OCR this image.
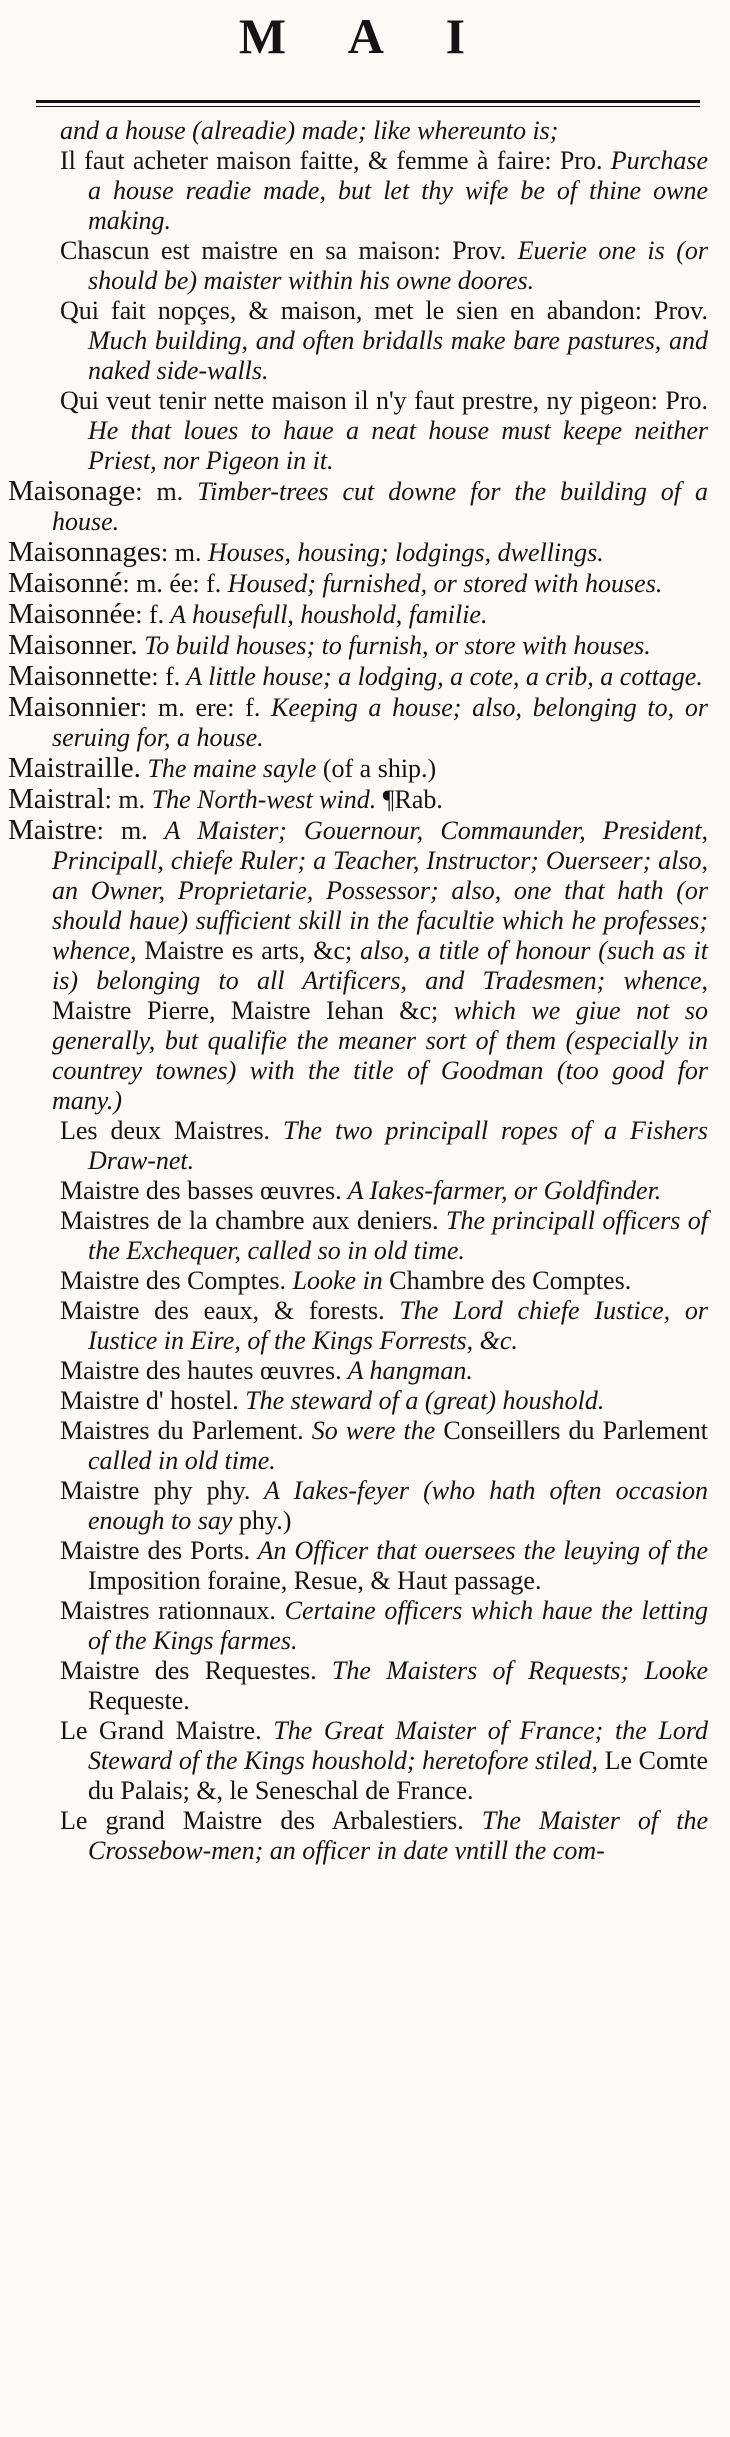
M A I

and a house (alreadie) made; like whereunto is;

Il faut acheter maison faitte, & femme à faire: Pro. Purchase a house readie made, but let thy wife be of thine owne making.

Chascun est maistre en sa maison: Prov. Euerie one is (or should be) maister within his owne doores.

Qui fait nopçes, & maison, met le sien en abandon: Prov. Much building, and often bridalls make bare pastures, and naked side-walls.

Qui veut tenir nette maison il n'y faut prestre, ny pigeon: Pro. He that loues to haue a neat house must keepe neither Priest, nor Pigeon in it.

Maisonage: m. Timber-trees cut downe for the building of a house.

Maisonnages: m. Houses, housing; lodgings, dwellings.

Maisonné: m. ée: f. Housed; furnished, or stored with houses.

Maisonnée: f. A housefull, houshold, familie.

Maisonner. To build houses; to furnish, or store with houses.

Maisonnette: f. A little house; a lodging, a cote, a crib, a cottage.

Maisonnier: m. ere: f. Keeping a house; also, belonging to, or seruing for, a house.

Maistraille. The maine sayle (of a ship.)

Maistral: m. The North-west wind. ¶Rab.

Maistre: m. A Maister; Gouernour, Commaunder, President, Principall, chiefe Ruler; a Teacher, Instructor; Ouerseer; also, an Owner, Proprietarie, Possessor; also, one that hath (or should haue) sufficient skill in the facultie which he professes; whence, Maistre es arts, &c; also, a title of honour (such as it is) belonging to all Artificers, and Tradesmen; whence, Maistre Pierre, Maistre Iehan &c; which we giue not so generally, but qualifie the meaner sort of them (especially in countrey townes) with the title of Goodman (too good for many.)

Les deux Maistres. The two principall ropes of a Fishers Draw-net.

Maistre des basses œuvres. A Iakes-farmer, or Goldfinder.

Maistres de la chambre aux deniers. The principall officers of the Exchequer, called so in old time.

Maistre des Comptes. Looke in Chambre des Comptes.

Maistre des eaux, & forests. The Lord chiefe Iustice, or Iustice in Eire, of the Kings Forrests, &c.

Maistre des hautes œuvres. A hangman.

Maistre d' hostel. The steward of a (great) houshold.

Maistres du Parlement. So were the Conseillers du Parlement called in old time.

Maistre phy phy. A Iakes-feyer (who hath often occasion enough to say phy.)

Maistre des Ports. An Officer that ouersees the leuying of the Imposition foraine, Resue, & Haut passage.

Maistres rationnaux. Certaine officers which haue the letting of the Kings farmes.

Maistre des Requestes. The Maisters of Requests; Looke Requeste.

Le Grand Maistre. The Great Maister of France; the Lord Steward of the Kings houshold; heretofore stiled, Le Comte du Palais; &, le Seneschal de France.

Le grand Maistre des Arbalestiers. The Maister of the Crossebow-men; an officer in date vntill the com-
